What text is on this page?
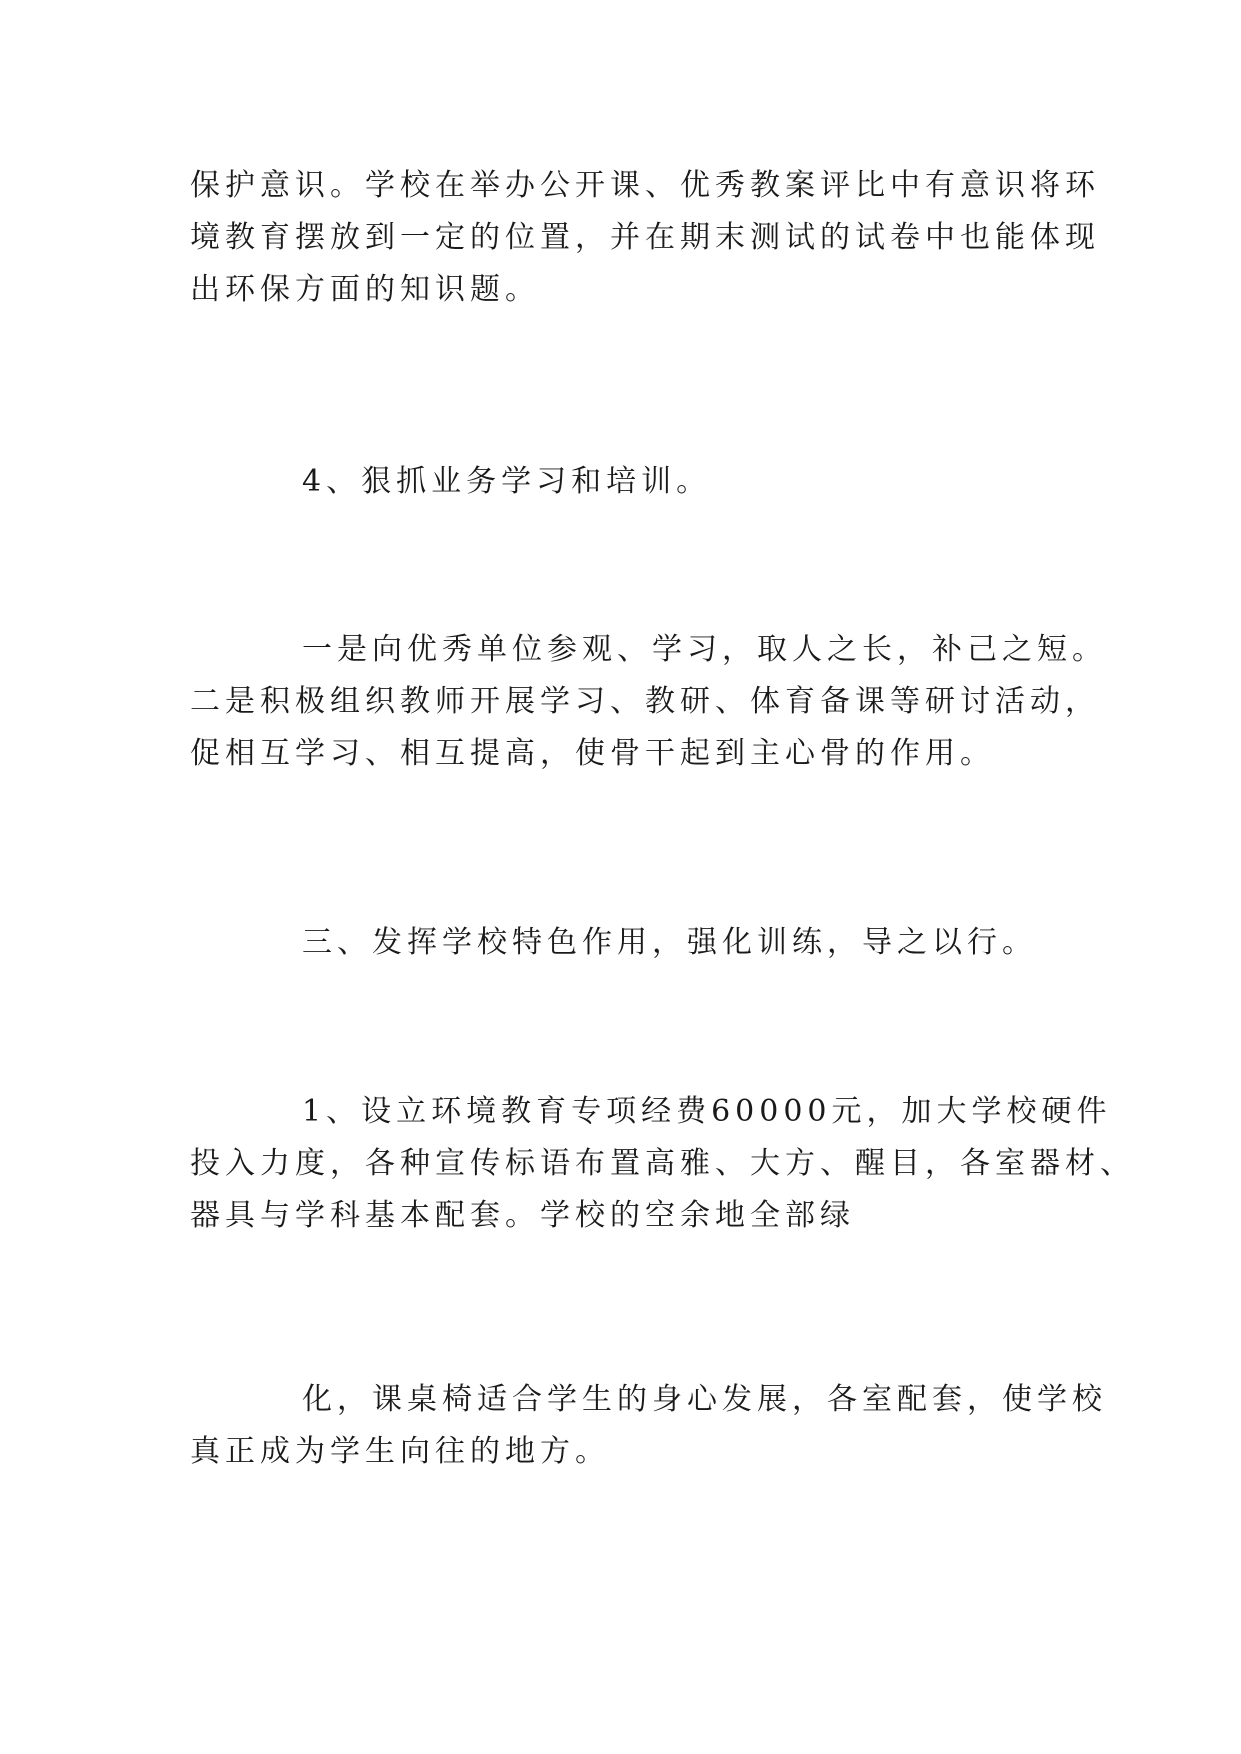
保护意识。学校在举办公开课、优秀教案评比中有意识将环
境教育摆放到一定的位置，并在期末测试的试卷中也能体现
出环保方面的知识题。

4、狠抓业务学习和培训。

一是向优秀单位参观、学习，取人之长，补己之短。
二是积极组织教师开展学习、教研、体育备课等研讨活动，
促相互学习、相互提高，使骨干起到主心骨的作用。

三、发挥学校特色作用，强化训练，导之以行。

1、设立环境教育专项经费60000元，加大学校硬件
投入力度，各种宣传标语布置高雅、大方、醒目，各室器材、
器具与学科基本配套。学校的空余地全部绿

化，课桌椅适合学生的身心发展，各室配套，使学校
真正成为学生向往的地方。
